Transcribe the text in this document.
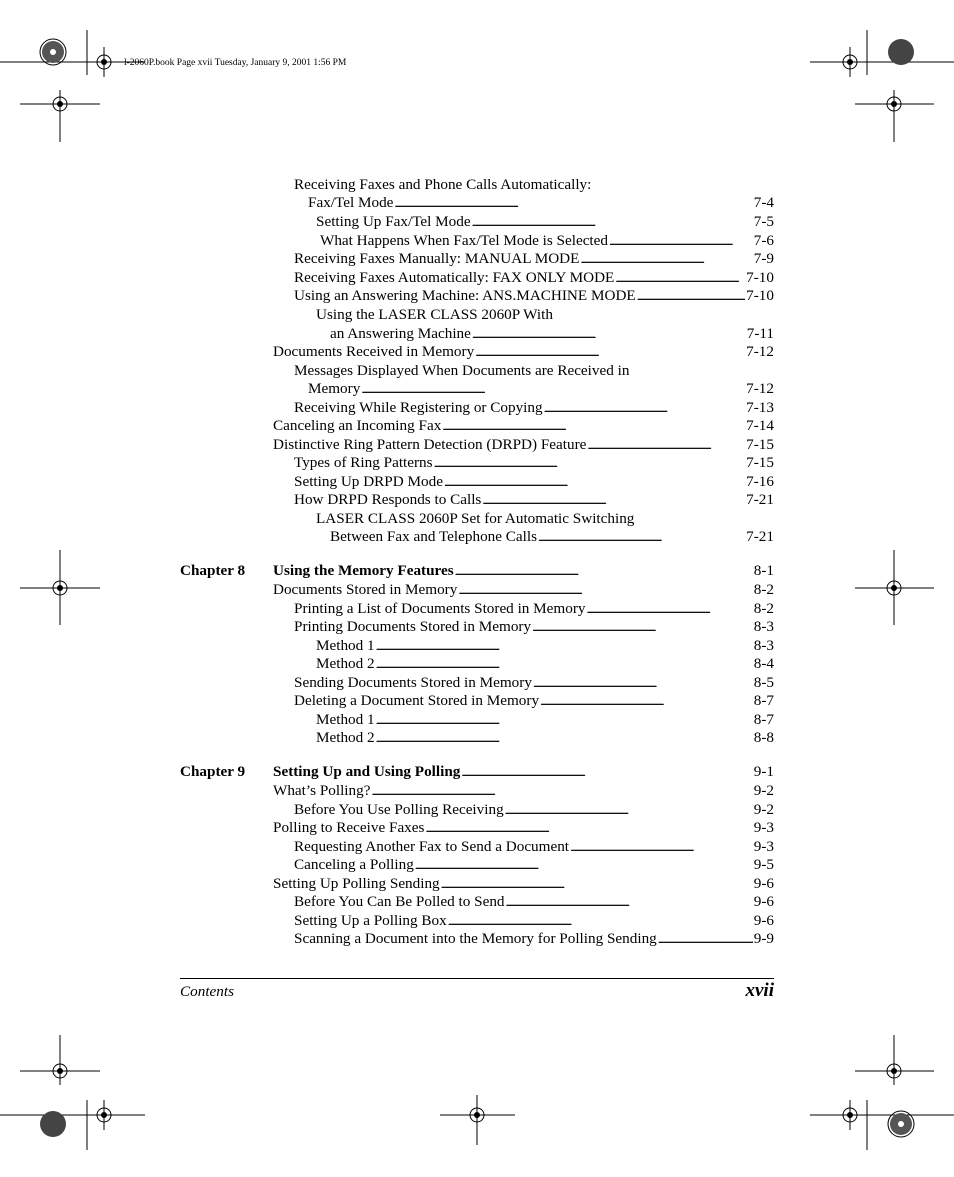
l-2060P.book Page xvii Tuesday, January 9, 2001 1:56 PM
Receiving Faxes and Phone Calls Automatically:
Fax/Tel Mode . . .	7-4
Setting Up Fax/Tel Mode . . .	7-5
What Happens When Fax/Tel Mode is Selected . . .	7-6
Receiving Faxes Manually: MANUAL MODE . . .	7-9
Receiving Faxes Automatically: FAX ONLY MODE . . .	7-10
Using an Answering Machine: ANS.MACHINE MODE . . .	7-10
Using the LASER CLASS 2060P With
an Answering Machine . . .	7-11
Documents Received in Memory . . .	7-12
Messages Displayed When Documents are Received in
Memory . . .	7-12
Receiving While Registering or Copying . . .	7-13
Canceling an Incoming Fax . . .	7-14
Distinctive Ring Pattern Detection (DRPD) Feature . . .	7-15
Types of Ring Patterns . . .	7-15
Setting Up DRPD Mode . . .	7-16
How DRPD Responds to Calls . . .	7-21
LASER CLASS 2060P Set for Automatic Switching
Between Fax and Telephone Calls . . .	7-21
Chapter 8 Using the Memory Features . . .	8-1
Documents Stored in Memory . . .	8-2
Printing a List of Documents Stored in Memory . . .	8-2
Printing Documents Stored in Memory . . .	8-3
Method 1 . . .	8-3
Method 2 . . .	8-4
Sending Documents Stored in Memory . . .	8-5
Deleting a Document Stored in Memory . . .	8-7
Method 1 . . .	8-7
Method 2 . . .	8-8
Chapter 9 Setting Up and Using Polling . . .	9-1
What’s Polling? . . .	9-2
Before You Use Polling Receiving . . .	9-2
Polling to Receive Faxes . . .	9-3
Requesting Another Fax to Send a Document . . .	9-3
Canceling a Polling . . .	9-5
Setting Up Polling Sending . . .	9-6
Before You Can Be Polled to Send . . .	9-6
Setting Up a Polling Box . . .	9-6
Scanning a Document into the Memory for Polling Sending . . .	9-9
Contents	xvii
